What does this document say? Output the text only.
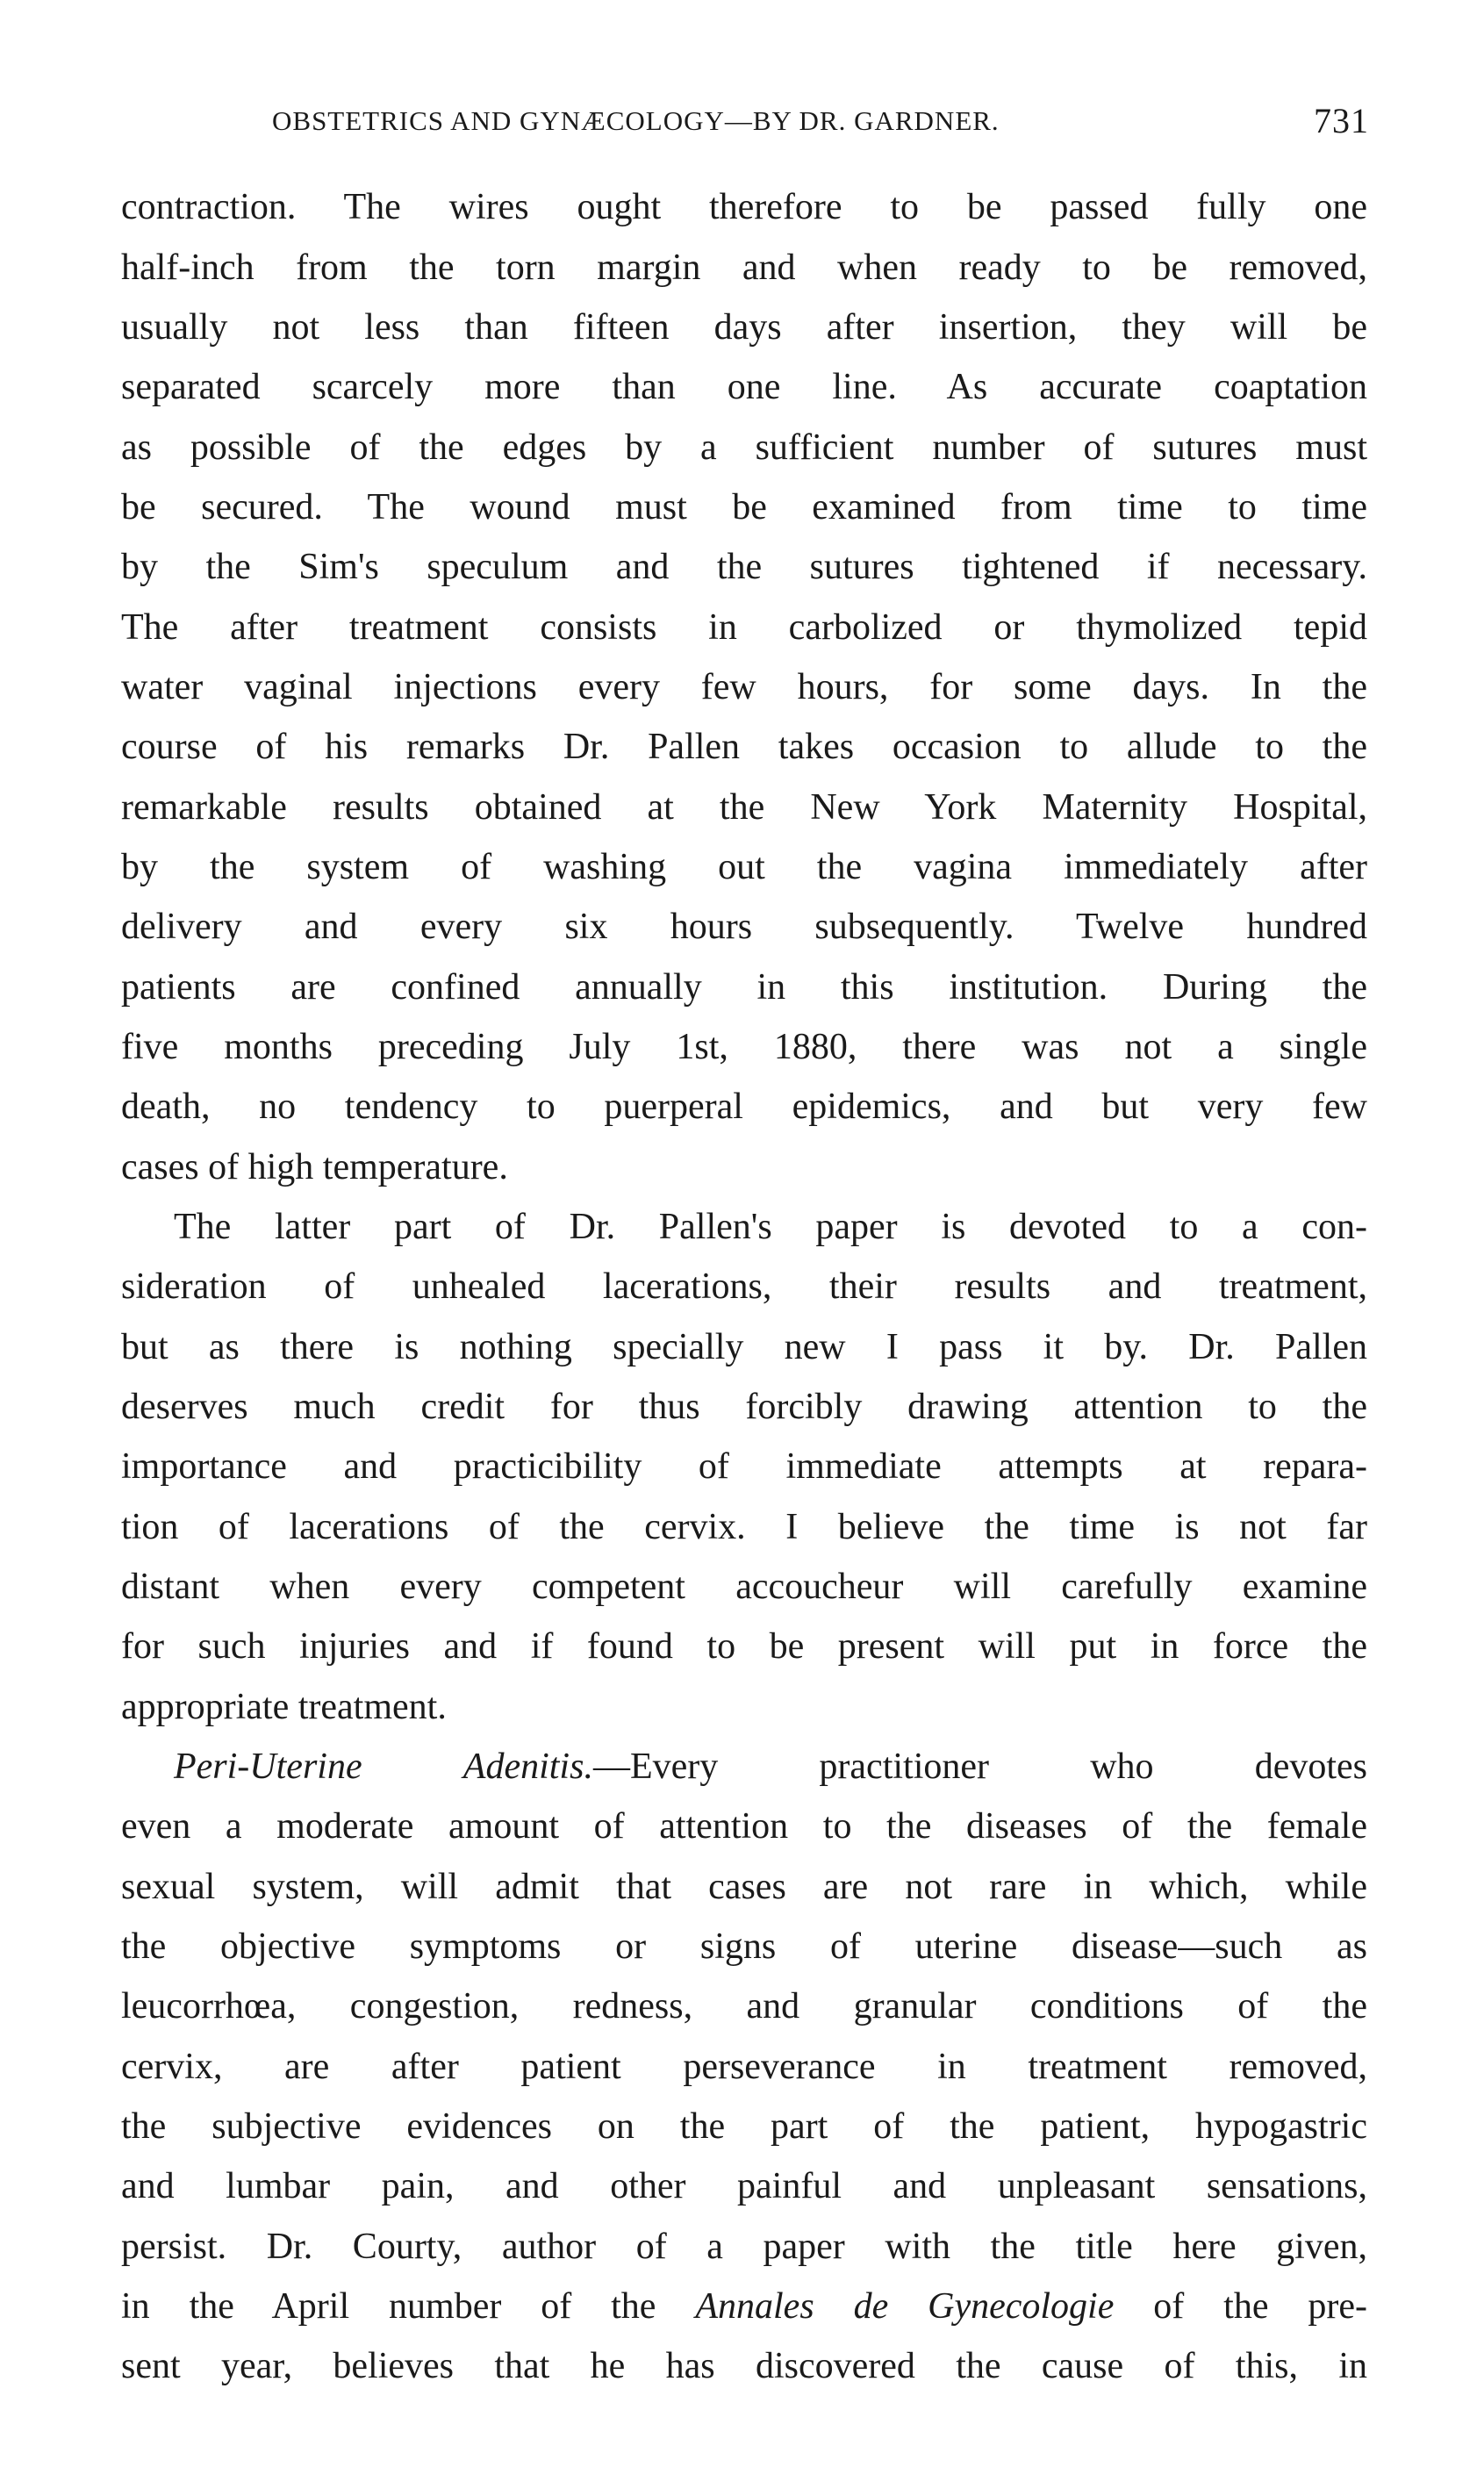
OBSTETRICS AND GYNÆCOLOGY—BY DR. GARDNER.	731
contraction. The wires ought therefore to be passed fully one
half-inch from the torn margin and when ready to be removed,
usually not less than fifteen days after insertion, they will be
separated scarcely more than one line. As accurate coaptation
as possible of the edges by a sufficient number of sutures must
be secured. The wound must be examined from time to time
by the Sim's speculum and the sutures tightened if necessary.
The after treatment consists in carbolized or thymolized tepid
water vaginal injections every few hours, for some days. In the
course of his remarks Dr. Pallen takes occasion to allude to the
remarkable results obtained at the New York Maternity Hospital,
by the system of washing out the vagina immediately after
delivery and every six hours subsequently. Twelve hundred
patients are confined annually in this institution. During the
five months preceding July 1st, 1880, there was not a single
death, no tendency to puerperal epidemics, and but very few
cases of high temperature.
The latter part of Dr. Pallen's paper is devoted to a con-
sideration of unhealed lacerations, their results and treatment,
but as there is nothing specially new I pass it by. Dr. Pallen
deserves much credit for thus forcibly drawing attention to the
importance and practicibility of immediate attempts at repara-
tion of lacerations of the cervix. I believe the time is not far
distant when every competent accoucheur will carefully examine
for such injuries and if found to be present will put in force the
appropriate treatment.
Peri-Uterine	Adenitis.—Every practitioner who devotes
even a moderate amount of attention to the diseases of the female
sexual system, will admit that cases are not rare in which, while
the objective symptoms or signs of uterine disease—such as
leucorrhœa, congestion, redness, and granular conditions of the
cervix, are after patient perseverance in treatment removed,
the subjective evidences on the part of the patient, hypogastric
and lumbar pain, and other painful and unpleasant sensations,
persist. Dr. Courty, author of a paper with the title here given,
in the April number of the Annales de Gynecologie of the pre-
sent year, believes that he has discovered the cause of this, in
